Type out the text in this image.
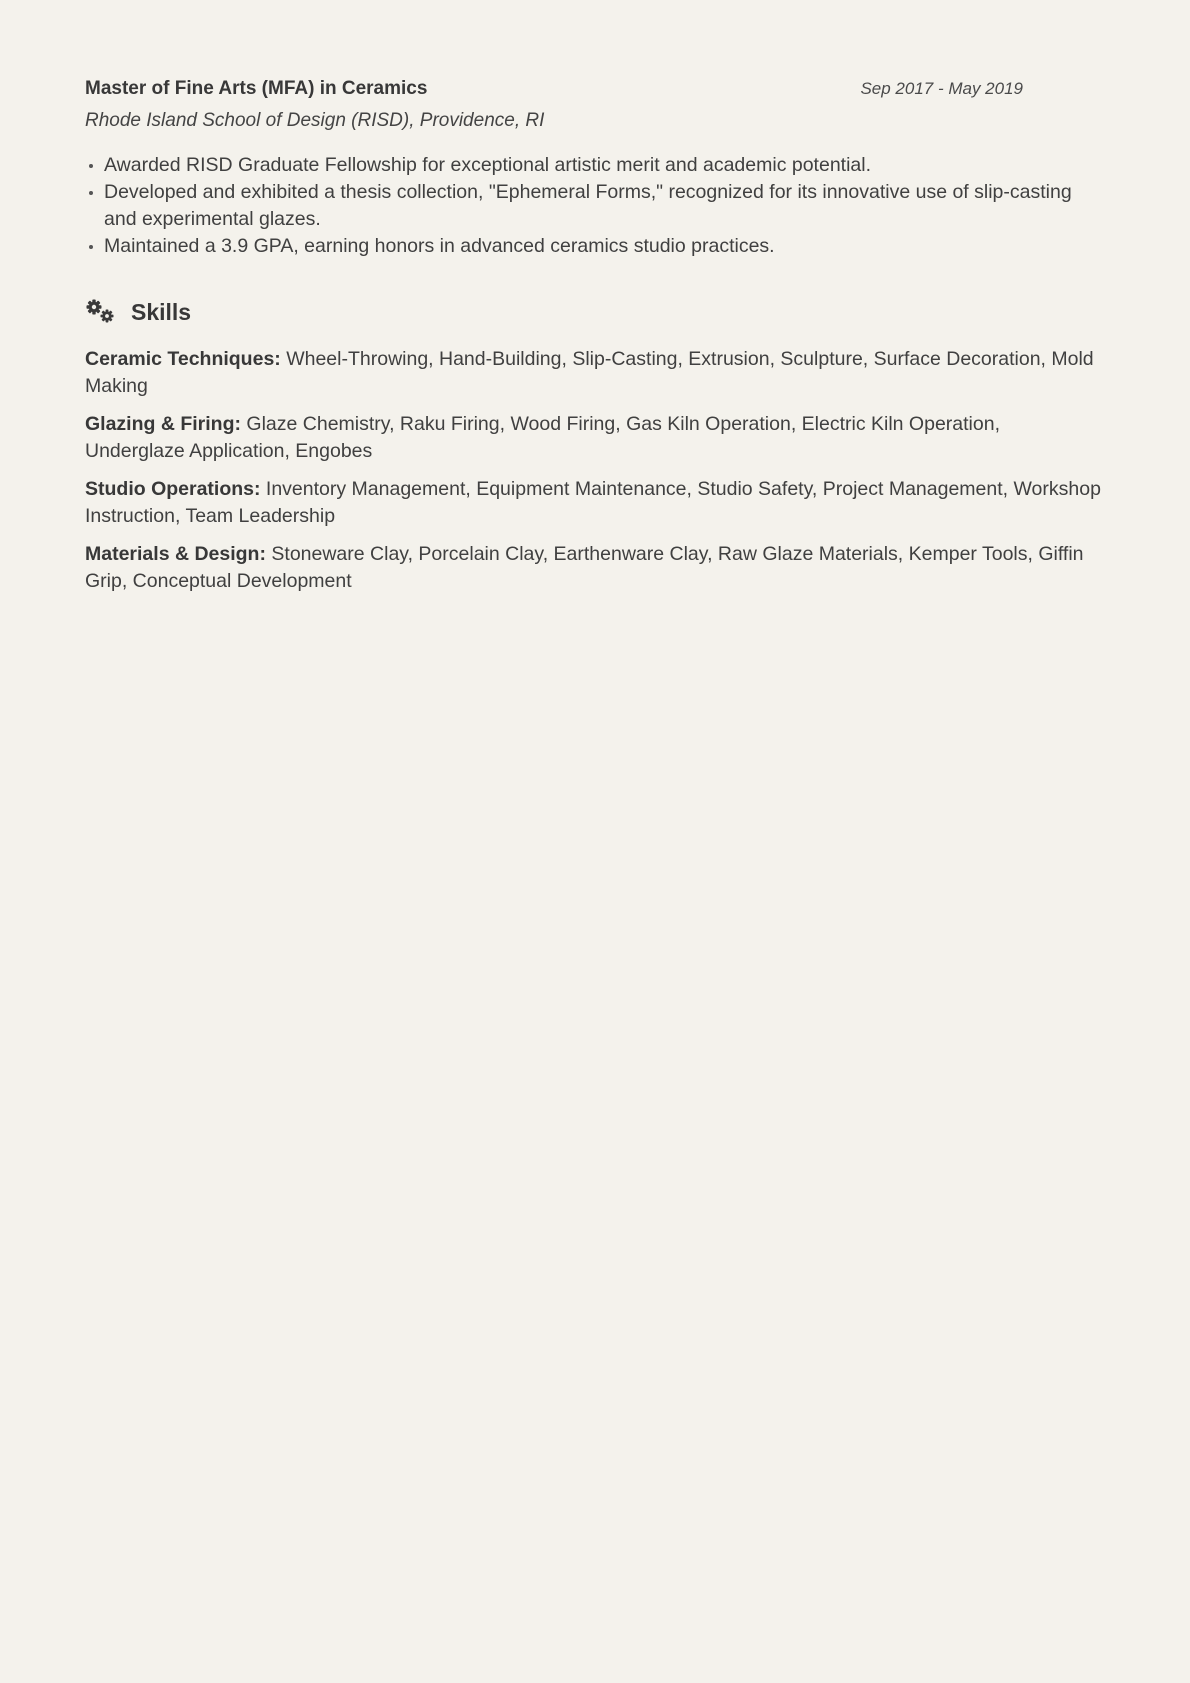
Master of Fine Arts (MFA) in Ceramics	Sep 2017 - May 2019
Rhode Island School of Design (RISD), Providence, RI
Awarded RISD Graduate Fellowship for exceptional artistic merit and academic potential.
Developed and exhibited a thesis collection, "Ephemeral Forms," recognized for its innovative use of slip-casting and experimental glazes.
Maintained a 3.9 GPA, earning honors in advanced ceramics studio practices.
Skills
Ceramic Techniques: Wheel-Throwing, Hand-Building, Slip-Casting, Extrusion, Sculpture, Surface Decoration, Mold Making
Glazing & Firing: Glaze Chemistry, Raku Firing, Wood Firing, Gas Kiln Operation, Electric Kiln Operation, Underglaze Application, Engobes
Studio Operations: Inventory Management, Equipment Maintenance, Studio Safety, Project Management, Workshop Instruction, Team Leadership
Materials & Design: Stoneware Clay, Porcelain Clay, Earthenware Clay, Raw Glaze Materials, Kemper Tools, Giffin Grip, Conceptual Development
